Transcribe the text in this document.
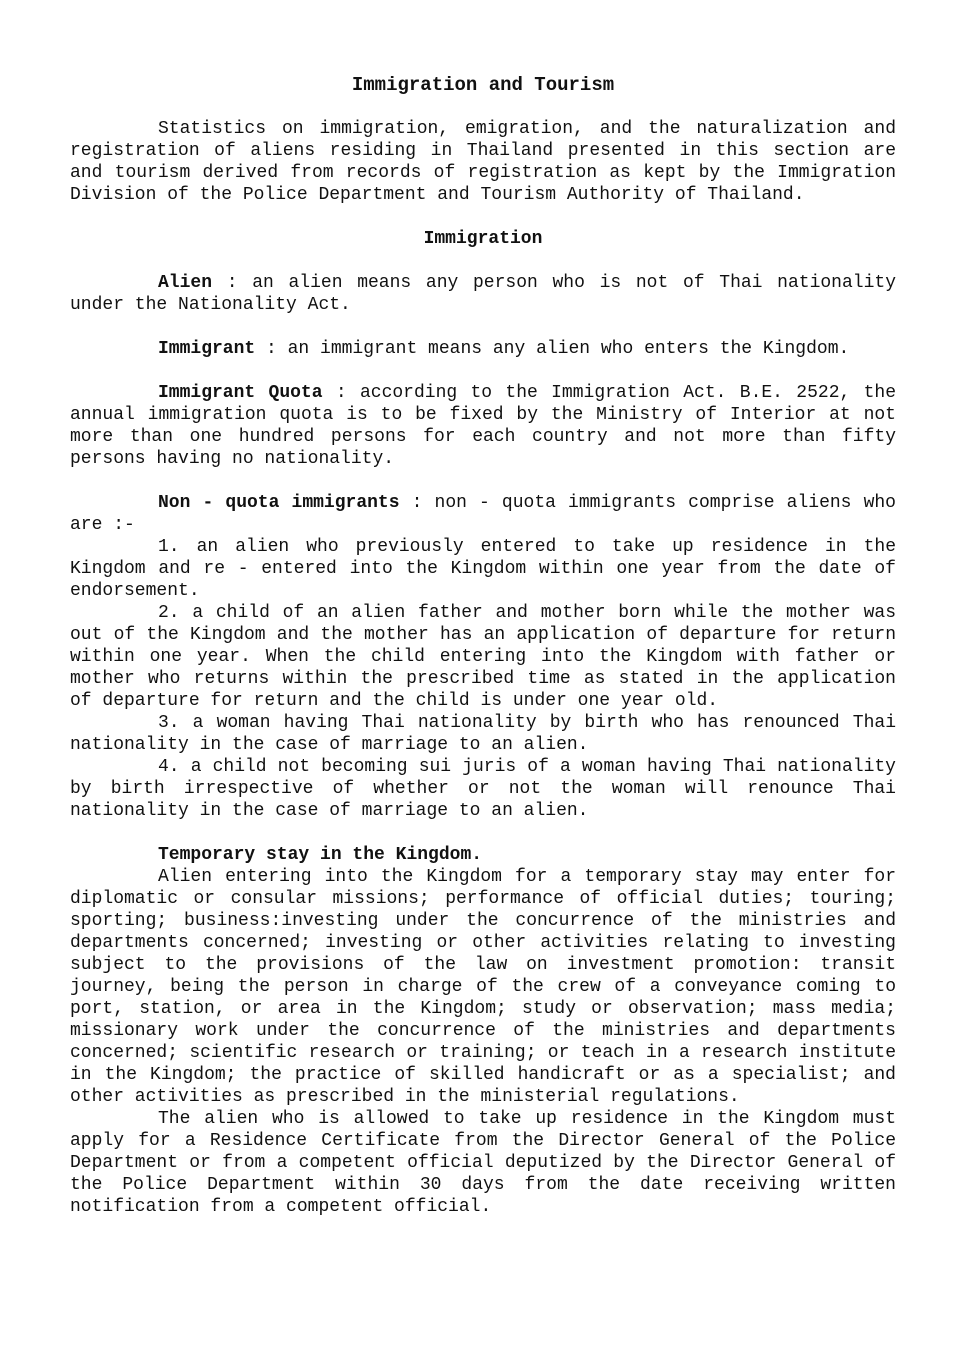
Immigration and Tourism

Statistics on immigration, emigration, and the naturalization and registration of aliens residing in Thailand presented in this section are and tourism derived from records of registration as kept by the Immigration Division of the Police Department and Tourism Authority of Thailand.

Immigration

Alien : an alien means any person who is not of Thai nationality under the Nationality Act.

Immigrant : an immigrant means any alien who enters the Kingdom.

Immigrant Quota : according to the Immigration Act. B.E. 2522, the annual immigration quota is to be fixed by the Ministry of Interior at not more than one hundred persons for each country and not more than fifty persons having no nationality.

Non - quota immigrants : non - quota immigrants comprise aliens who are :-

1. an alien who previously entered to take up residence in the Kingdom and re - entered into the Kingdom within one year from the date of endorsement.

2. a child of an alien father and mother born while the mother was out of the Kingdom and the mother has an application of departure for return within one year. When the child entering into the Kingdom with father or mother who returns within the prescribed time as stated in the application of departure for return and the child is under one year old.

3. a woman having Thai nationality by birth who has renounced Thai nationality in the case of marriage to an alien.

4. a child not becoming sui juris of a woman having Thai nationality by birth irrespective of whether or not the woman will renounce Thai nationality in the case of marriage to an alien.

Temporary stay in the Kingdom.

Alien entering into the Kingdom for a temporary stay may enter for diplomatic or consular missions; performance of official duties; touring; sporting; business:investing under the concurrence of the ministries and departments concerned; investing or other activities relating to investing subject to the provisions of the law on investment promotion: transit journey, being the person in charge of the crew of a conveyance coming to port, station, or area in the Kingdom; study or observation; mass media; missionary work under the concurrence of the ministries and departments concerned; scientific research or training; or teach in a research institute in the Kingdom; the practice of skilled handicraft or as a specialist; and other activities as prescribed in the ministerial regulations.

The alien who is allowed to take up residence in the Kingdom must apply for a Residence Certificate from the Director General of the Police Department or from a competent official deputized by the Director General of the Police Department within 30 days from the date receiving written notification from a competent official.
